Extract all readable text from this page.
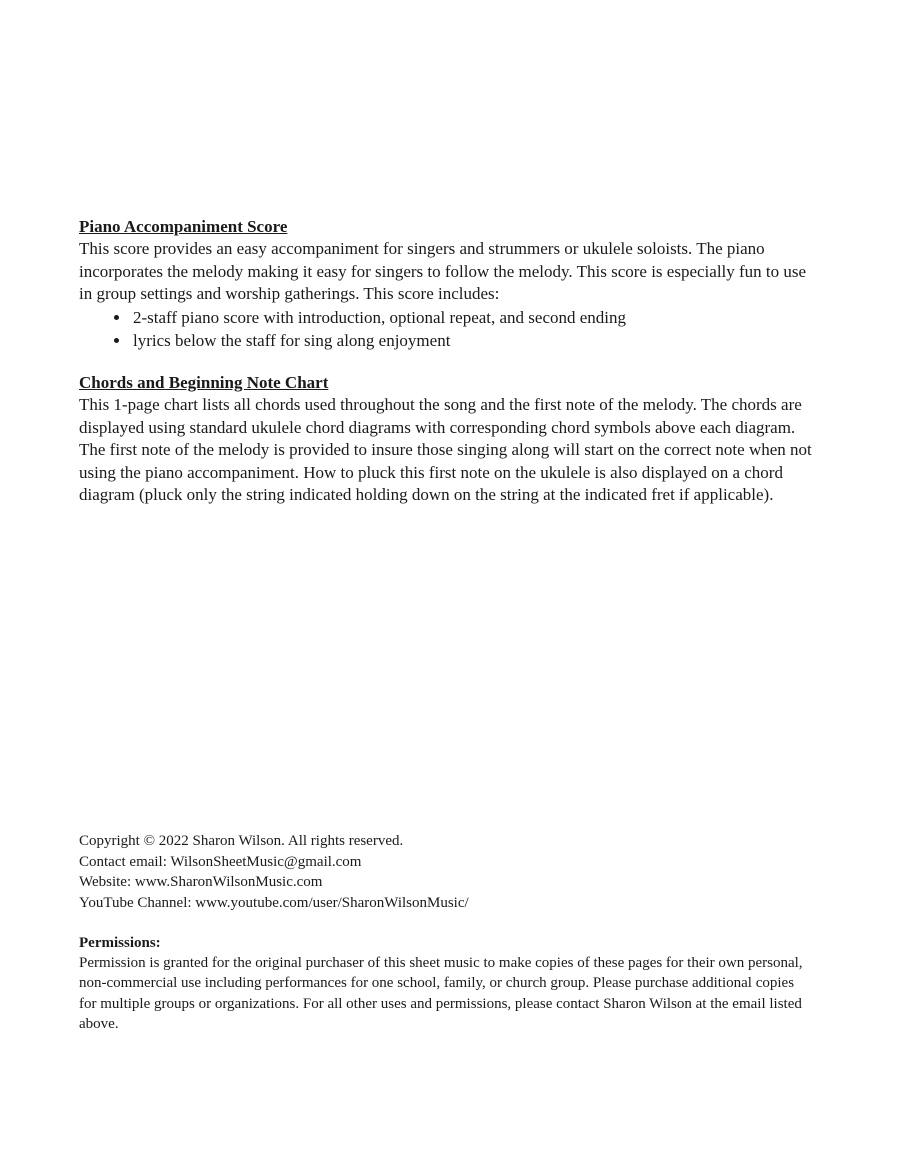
Piano Accompaniment Score

This score provides an easy accompaniment for singers and strummers or ukulele soloists. The piano incorporates the melody making it easy for singers to follow the melody. This score is especially fun to use in group settings and worship gatherings. This score includes:

• 2-staff piano score with introduction, optional repeat, and second ending
• lyrics below the staff for sing along enjoyment

Chords and Beginning Note Chart

This 1-page chart lists all chords used throughout the song and the first note of the melody. The chords are displayed using standard ukulele chord diagrams with corresponding chord symbols above each diagram. The first note of the melody is provided to insure those singing along will start on the correct note when not using the piano accompaniment. How to pluck this first note on the ukulele is also displayed on a chord diagram (pluck only the string indicated holding down on the string at the indicated fret if applicable).

Copyright © 2022 Sharon Wilson. All rights reserved.

Contact email: WilsonSheetMusic@gmail.com

Website: www.SharonWilsonMusic.com

YouTube Channel: www.youtube.com/user/SharonWilsonMusic/

Permissions:

Permission is granted for the original purchaser of this sheet music to make copies of these pages for their own personal, non-commercial use including performances for one school, family, or church group. Please purchase additional copies for multiple groups or organizations. For all other uses and permissions, please contact Sharon Wilson at the email listed above.
